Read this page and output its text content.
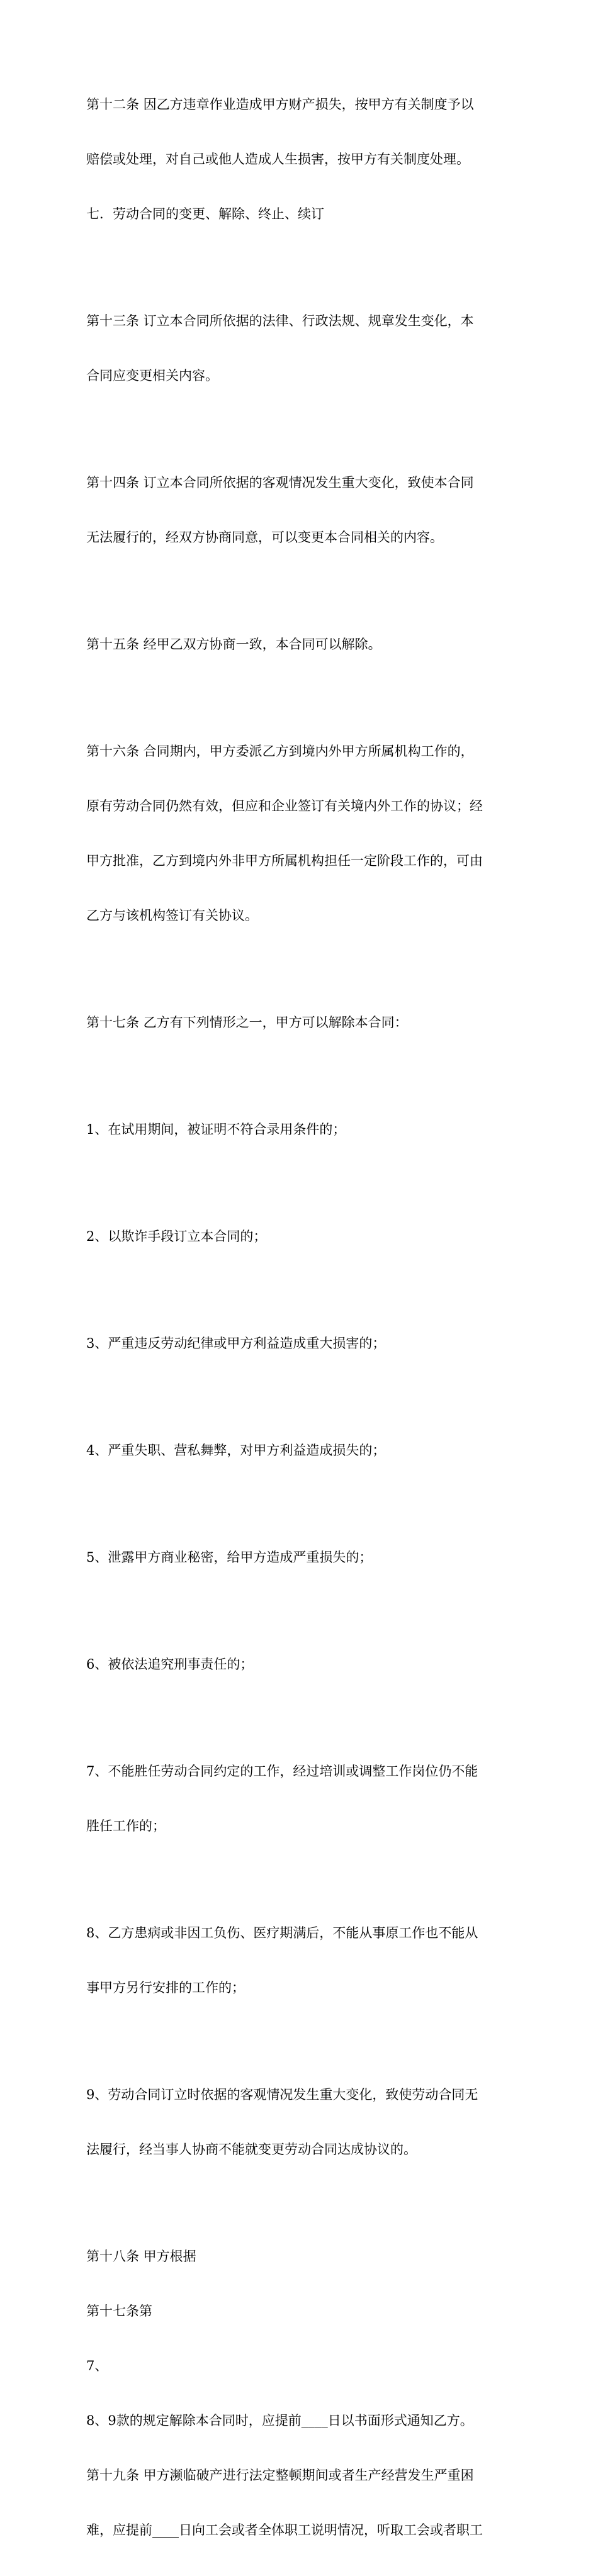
第十二条 因乙方违章作业造成甲方财产损失，按甲方有关制度予以

赔偿或处理，对自己或他人造成人生损害，按甲方有关制度处理。

七．劳动合同的变更、解除、终止、续订

第十三条 订立本合同所依据的法律、行政法规、规章发生变化，本

合同应变更相关内容。

第十四条 订立本合同所依据的客观情况发生重大变化，致使本合同

无法履行的，经双方协商同意，可以变更本合同相关的内容。

第十五条 经甲乙双方协商一致，本合同可以解除。

第十六条 合同期内，甲方委派乙方到境内外甲方所属机构工作的，

原有劳动合同仍然有效，但应和企业签订有关境内外工作的协议；经

甲方批准，乙方到境内外非甲方所属机构担任一定阶段工作的，可由

乙方与该机构签订有关协议。

第十七条 乙方有下列情形之一，甲方可以解除本合同：

1、在试用期间，被证明不符合录用条件的；

2、以欺诈手段订立本合同的；

3、严重违反劳动纪律或甲方利益造成重大损害的；

4、严重失职、营私舞弊，对甲方利益造成损失的；

5、泄露甲方商业秘密，给甲方造成严重损失的；

6、被依法追究刑事责任的；

7、不能胜任劳动合同约定的工作，经过培训或调整工作岗位仍不能

胜任工作的；

8、乙方患病或非因工负伤、医疗期满后，不能从事原工作也不能从

事甲方另行安排的工作的；

9、劳动合同订立时依据的客观情况发生重大变化，致使劳动合同无

法履行，经当事人协商不能就变更劳动合同达成协议的。

第十八条 甲方根据

第十七条第

7、

8、9款的规定解除本合同时，应提前____日以书面形式通知乙方。

第十九条 甲方濒临破产进行法定整顿期间或者生产经营发生严重困

难，应提前____日向工会或者全体职工说明情况，听取工会或者职工
